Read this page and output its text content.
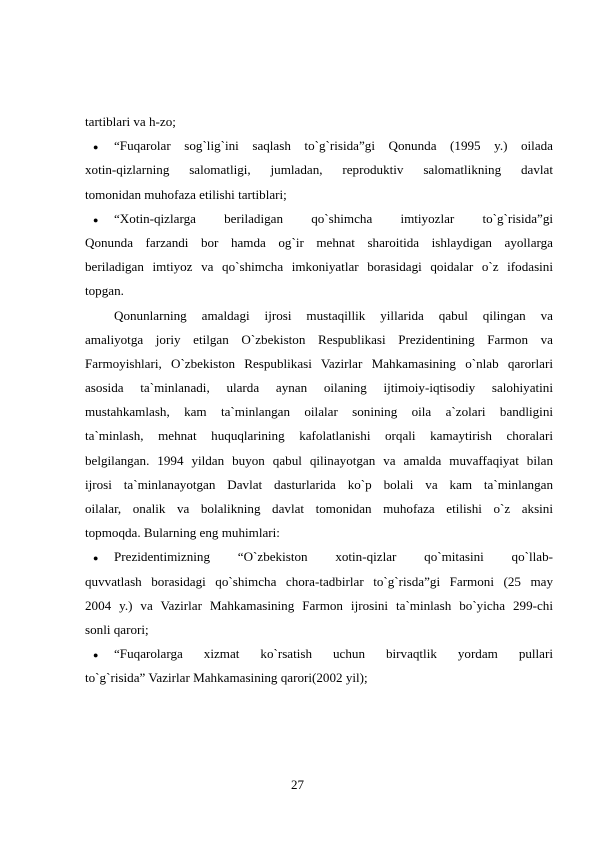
tartiblari va h-zo;
●	“Fuqarolar sog`lig`ini saqlash to`g`risida”gi Qonunda (1995 y.) oilada
xotin-qizlarning salomatligi, jumladan, reproduktiv salomatlikning davlat
tomonidan muhofaza etilishi tartiblari;
●	“Xotin-qizlarga beriladigan qo`shimcha imtiyozlar to`g`risida”gi
Qonunda farzandi bor hamda og`ir mehnat sharoitida ishlaydigan ayollarga
beriladigan imtiyoz va qo`shimcha imkoniyatlar borasidagi qoidalar o`z ifodasini
topgan.
Qonunlarning amaldagi ijrosi mustaqillik yillarida qabul qilingan va
amaliyotga joriy etilgan O`zbekiston Respublikasi Prezidentining Farmon va
Farmoyishlari, O`zbekiston Respublikasi Vazirlar Mahkamasining o`nlab qarorlari
asosida ta`minlanadi, ularda aynan oilaning ijtimoiy-iqtisodiy salohiyatini
mustahkamlash, kam ta`minlangan oilalar sonining oila a`zolari bandligini
ta`minlash, mehnat huquqlarining kafolatlanishi orqali kamaytirish choralari
belgilangan. 1994 yildan buyon qabul qilinayotgan va amalda muvaffaqiyat bilan
ijrosi ta`minlanayotgan Davlat dasturlarida ko`p bolali va kam ta`minlangan
oilalar, onalik va bolalikning davlat tomonidan muhofaza etilishi o`z aksini
topmoqda. Bularning eng muhimlari:
●	Prezidentimizning “O`zbekiston xotin-qizlar qo`mitasini qo`llab-
quvvatlash borasidagi qo`shimcha chora-tadbirlar to`g`risda”gi Farmoni (25 may
2004 y.) va Vazirlar Mahkamasining Farmon ijrosini ta`minlash bo`yicha 299-chi
sonli qarori;
●	“Fuqarolarga xizmat ko`rsatish uchun birvaqtlik yordam pullari
to`g`risida” Vazirlar Mahkamasining qarori(2002 yil);
27
